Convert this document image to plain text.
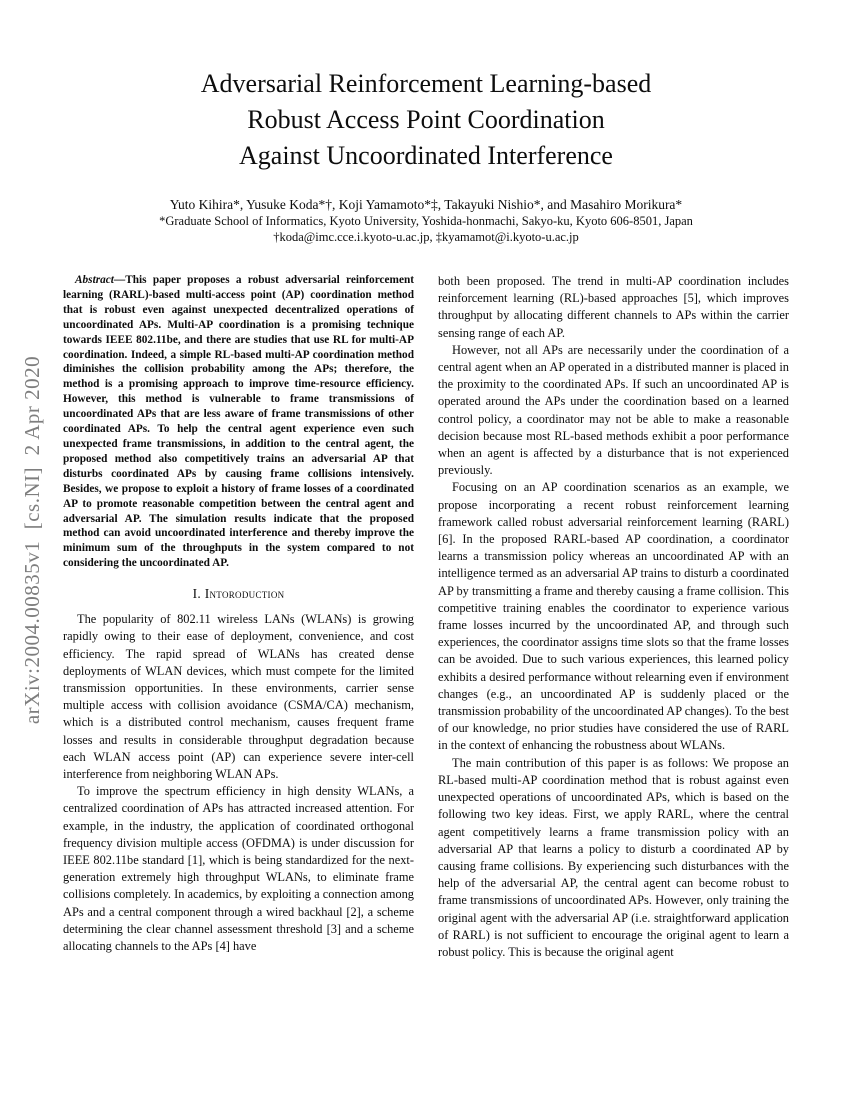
arXiv:2004.00835v1  [cs.NI]  2 Apr 2020
Adversarial Reinforcement Learning-based
Robust Access Point Coordination
Against Uncoordinated Interference
Yuto Kihira*, Yusuke Koda*†, Koji Yamamoto*‡, Takayuki Nishio*, and Masahiro Morikura*
*Graduate School of Informatics, Kyoto University, Yoshida-honmachi, Sakyo-ku, Kyoto 606-8501, Japan
†koda@imc.cce.i.kyoto-u.ac.jp, ‡kyamamot@i.kyoto-u.ac.jp

Abstract—This paper proposes a robust adversarial reinforcement learning (RARL)-based multi-access point (AP) coordination method that is robust even against unexpected decentralized operations of uncoordinated APs. Multi-AP coordination is a promising technique towards IEEE 802.11be, and there are studies that use RL for multi-AP coordination. Indeed, a simple RL-based multi-AP coordination method diminishes the collision probability among the APs; therefore, the method is a promising approach to improve time-resource efficiency. However, this method is vulnerable to frame transmissions of uncoordinated APs that are less aware of frame transmissions of other coordinated APs. To help the central agent experience even such unexpected frame transmissions, in addition to the central agent, the proposed method also competitively trains an adversarial AP that disturbs coordinated APs by causing frame collisions intensively. Besides, we propose to exploit a history of frame losses of a coordinated AP to promote reasonable competition between the central agent and adversarial AP. The simulation results indicate that the proposed method can avoid uncoordinated interference and thereby improve the minimum sum of the throughputs in the system compared to not considering the uncoordinated AP.

I. Intoroduction

The popularity of 802.11 wireless LANs (WLANs) is growing rapidly owing to their ease of deployment, convenience, and cost efficiency. The rapid spread of WLANs has created dense deployments of WLAN devices, which must compete for the limited transmission opportunities. In these environments, carrier sense multiple access with collision avoidance (CSMA/CA) mechanism, which is a distributed control mechanism, causes frequent frame losses and results in considerable throughput degradation because each WLAN access point (AP) can experience severe inter-cell interference from neighboring WLAN APs.

To improve the spectrum efficiency in high density WLANs, a centralized coordination of APs has attracted increased attention. For example, in the industry, the application of coordinated orthogonal frequency division multiple access (OFDMA) is under discussion for IEEE 802.11be standard [1], which is being standardized for the next-generation extremely high throughput WLANs, to eliminate frame collisions completely. In academics, by exploiting a connection among APs and a central component through a wired backhaul [2], a scheme determining the clear channel assessment threshold [3] and a scheme allocating channels to the APs [4] have

both been proposed. The trend in multi-AP coordination includes reinforcement learning (RL)-based approaches [5], which improves throughput by allocating different channels to APs within the carrier sensing range of each AP.

However, not all APs are necessarily under the coordination of a central agent when an AP operated in a distributed manner is placed in the proximity to the coordinated APs. If such an uncoordinated AP is operated around the APs under the coordination based on a learned control policy, a coordinator may not be able to make a reasonable decision because most RL-based methods exhibit a poor performance when an agent is affected by a disturbance that is not experienced previously.

Focusing on an AP coordination scenarios as an example, we propose incorporating a recent robust reinforcement learning framework called robust adversarial reinforcement learning (RARL) [6]. In the proposed RARL-based AP coordination, a coordinator learns a transmission policy whereas an uncoordinated AP with an intelligence termed as an adversarial AP trains to disturb a coordinated AP by transmitting a frame and thereby causing a frame collision. This competitive training enables the coordinator to experience various frame losses incurred by the uncoordinated AP, and through such experiences, the coordinator assigns time slots so that the frame losses can be avoided. Due to such various experiences, this learned policy exhibits a desired performance without relearning even if environment changes (e.g., an uncoordinated AP is suddenly placed or the transmission probability of the uncoordinated AP changes). To the best of our knowledge, no prior studies have considered the use of RARL in the context of enhancing the robustness about WLANs.

The main contribution of this paper is as follows: We propose an RL-based multi-AP coordination method that is robust against even unexpected operations of uncoordinated APs, which is based on the following two key ideas. First, we apply RARL, where the central agent competitively learns a frame transmission policy with an adversarial AP that learns a policy to disturb a coordinated AP by causing frame collisions. By experiencing such disturbances with the help of the adversarial AP, the central agent can become robust to frame transmissions of uncoordinated APs. However, only training the original agent with the adversarial AP (i.e. straightforward application of RARL) is not sufficient to encourage the original agent to learn a robust policy. This is because the original agent
